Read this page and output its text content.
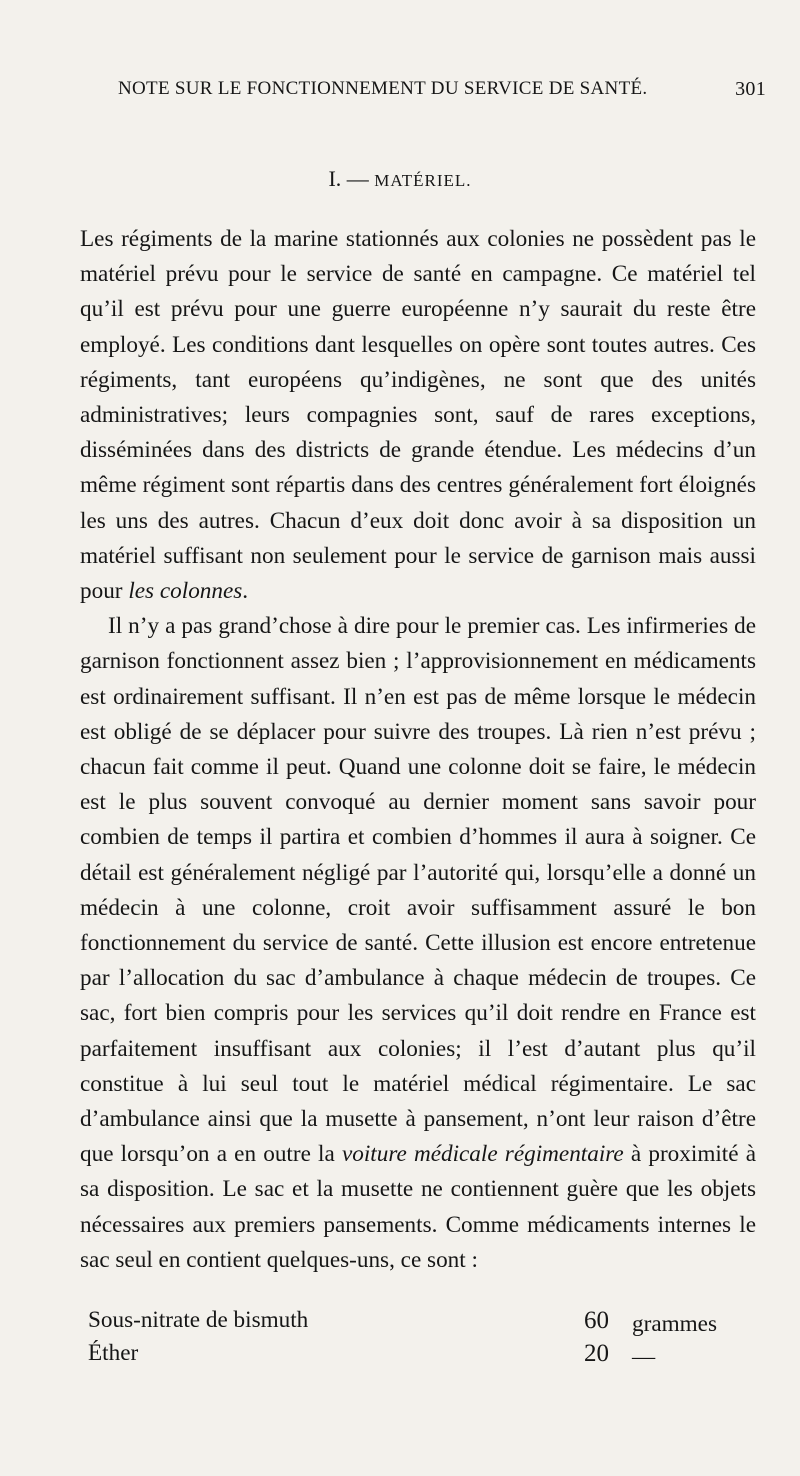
NOTE SUR LE FONCTIONNEMENT DU SERVICE DE SANTÉ.	301
I. — MATÉRIEL.

Les régiments de la marine stationnés aux colonies ne possèdent pas le matériel prévu pour le service de santé en campagne. Ce matériel tel qu’il est prévu pour une guerre européenne n’y saurait du reste être employé. Les conditions dant lesquelles on opère sont toutes autres. Ces régiments, tant européens qu’indigènes, ne sont que des unités administratives; leurs compagnies sont, sauf de rares exceptions, disséminées dans des districts de grande étendue. Les médecins d’un même régiment sont répartis dans des centres généralement fort éloignés les uns des autres. Chacun d’eux doit donc avoir à sa disposition un matériel suffisant non seulement pour le service de garnison mais aussi pour les colonnes.

Il n’y a pas grand’chose à dire pour le premier cas. Les infirmeries de garnison fonctionnent assez bien ; l’approvisionnement en médicaments est ordinairement suffisant. Il n’en est pas de même lorsque le médecin est obligé de se déplacer pour suivre des troupes. Là rien n’est prévu ; chacun fait comme il peut. Quand une colonne doit se faire, le médecin est le plus souvent convoqué au dernier moment sans savoir pour combien de temps il partira et combien d’hommes il aura à soigner. Ce détail est généralement négligé par l’autorité qui, lorsqu’elle a donné un médecin à une colonne, croit avoir suffisamment assuré le bon fonctionnement du service de santé. Cette illusion est encore entretenue par l’allocation du sac d’ambulance à chaque médecin de troupes. Ce sac, fort bien compris pour les services qu’il doit rendre en France est parfaitement insuffisant aux colonies; il l’est d’autant plus qu’il constitue à lui seul tout le matériel médical régimentaire. Le sac d’ambulance ainsi que la musette à pansement, n’ont leur raison d’être que lorsqu’on a en outre la voiture médicale régimentaire à proximité à sa disposition. Le sac et la musette ne contiennent guère que les objets nécessaires aux premiers pansements. Comme médicaments internes le sac seul en contient quelques-uns, ce sont :

Sous-nitrate de bismuth	60 grammes
Éther	20 —
